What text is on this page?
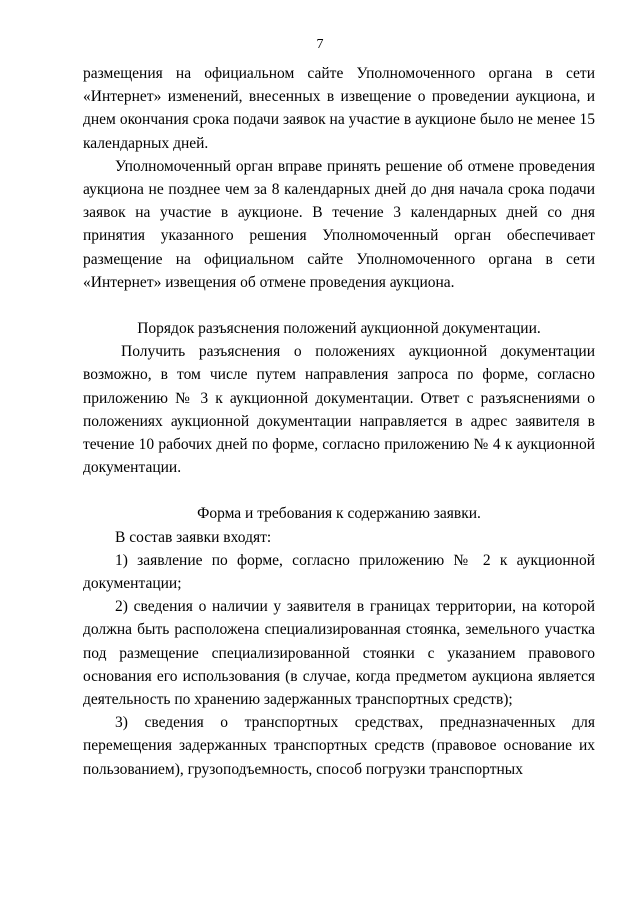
7

размещения на официальном сайте Уполномоченного органа в сети «Интернет» изменений, внесенных в извещение о проведении аукциона, и днем окончания срока подачи заявок на участие в аукционе было не менее 15 календарных дней.

Уполномоченный орган вправе принять решение об отмене проведения аукциона не позднее чем за 8 календарных дней до дня начала срока подачи заявок на участие в аукционе. В течение 3 календарных дней со дня принятия указанного решения Уполномоченный орган обеспечивает размещение на официальном сайте Уполномоченного органа в сети «Интернет» извещения об отмене проведения аукциона.

Порядок разъяснения положений аукционной документации.

Получить разъяснения о положениях аукционной документации возможно, в том числе путем направления запроса по форме, согласно приложению № 3 к аукционной документации. Ответ с разъяснениями о положениях аукционной документации направляется в адрес заявителя в течение 10 рабочих дней по форме, согласно приложению № 4 к аукционной документации.

Форма и требования к содержанию заявки.

В состав заявки входят:

1) заявление по форме, согласно приложению № 2 к аукционной документации;

2) сведения о наличии у заявителя в границах территории, на которой должна быть расположена специализированная стоянка, земельного участка под размещение специализированной стоянки с указанием правового основания его использования (в случае, когда предметом аукциона является деятельность по хранению задержанных транспортных средств);

3) сведения о транспортных средствах, предназначенных для перемещения задержанных транспортных средств (правовое основание их пользованием), грузоподъемность, способ погрузки транспортных
